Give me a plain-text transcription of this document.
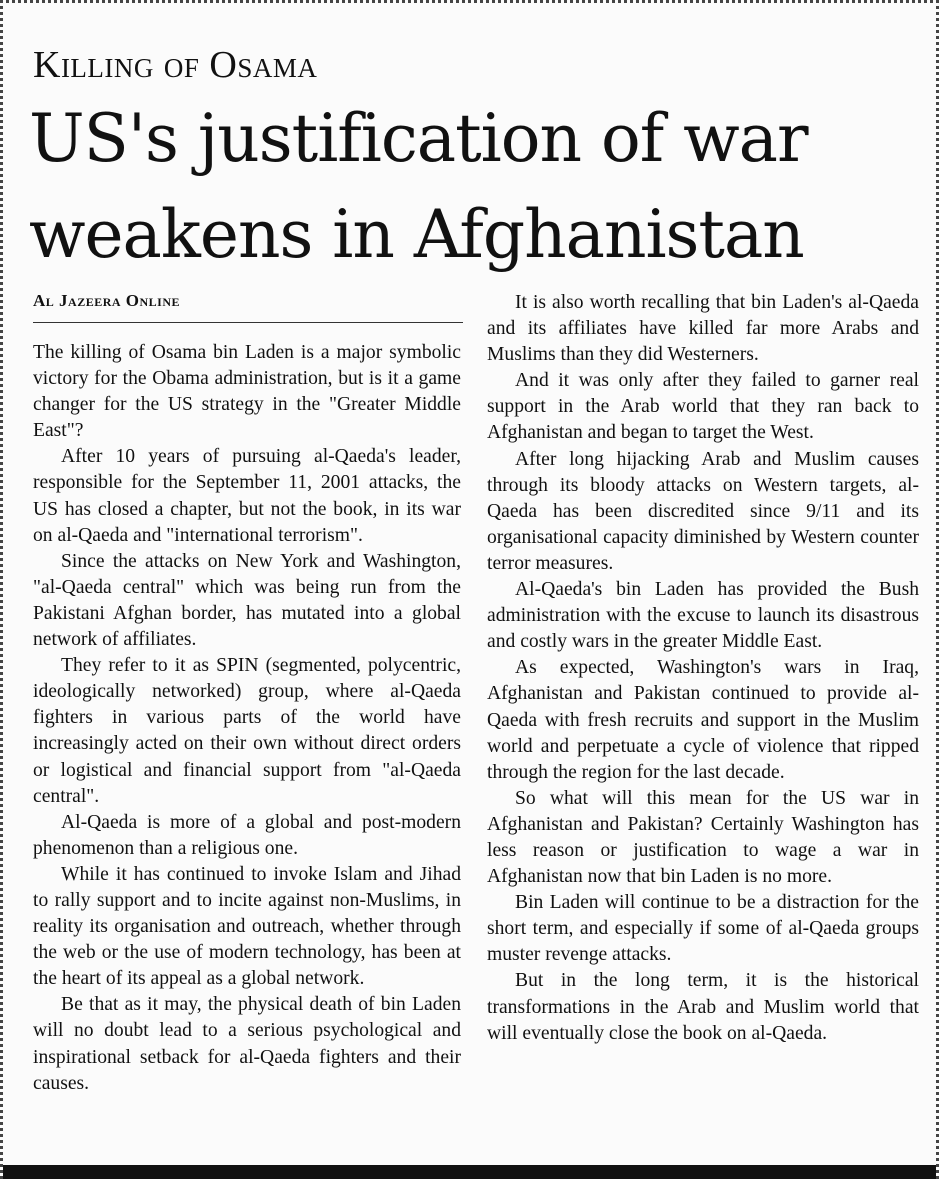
Killing of Osama
US's justification of war weakens in Afghanistan
Al Jazeera Online

The killing of Osama bin Laden is a major symbolic victory for the Obama administration, but is it a game changer for the US strategy in the "Greater Middle East"?

After 10 years of pursuing al-Qaeda's leader, responsible for the September 11, 2001 attacks, the US has closed a chapter, but not the book, in its war on al-Qaeda and "international terrorism".

Since the attacks on New York and Washington, "al-Qaeda central" which was being run from the Pakistani Afghan border, has mutated into a global network of affiliates.

They refer to it as SPIN (segmented, polycentric, ideologically networked) group, where al-Qaeda fighters in various parts of the world have increasingly acted on their own without direct orders or logistical and financial support from "al-Qaeda central".

Al-Qaeda is more of a global and post-modern phenomenon than a religious one.

While it has continued to invoke Islam and Jihad to rally support and to incite against non-Muslims, in reality its organisation and outreach, whether through the web or the use of modern technology, has been at the heart of its appeal as a global network.

Be that as it may, the physical death of bin Laden will no doubt lead to a serious psychological and inspirational setback for al-Qaeda fighters and their causes.

It is also worth recalling that bin Laden's al-Qaeda and its affiliates have killed far more Arabs and Muslims than they did Westerners.

And it was only after they failed to garner real support in the Arab world that they ran back to Afghanistan and began to target the West.

After long hijacking Arab and Muslim causes through its bloody attacks on Western targets, al-Qaeda has been discredited since 9/11 and its organisational capacity diminished by Western counter terror measures.

Al-Qaeda's bin Laden has provided the Bush administration with the excuse to launch its disastrous and costly wars in the greater Middle East.

As expected, Washington's wars in Iraq, Afghanistan and Pakistan continued to provide al-Qaeda with fresh recruits and support in the Muslim world and perpetuate a cycle of violence that ripped through the region for the last decade.

So what will this mean for the US war in Afghanistan and Pakistan? Certainly Washington has less reason or justification to wage a war in Afghanistan now that bin Laden is no more.

Bin Laden will continue to be a distraction for the short term, and especially if some of al-Qaeda groups muster revenge attacks.

But in the long term, it is the historical transformations in the Arab and Muslim world that will eventually close the book on al-Qaeda.
